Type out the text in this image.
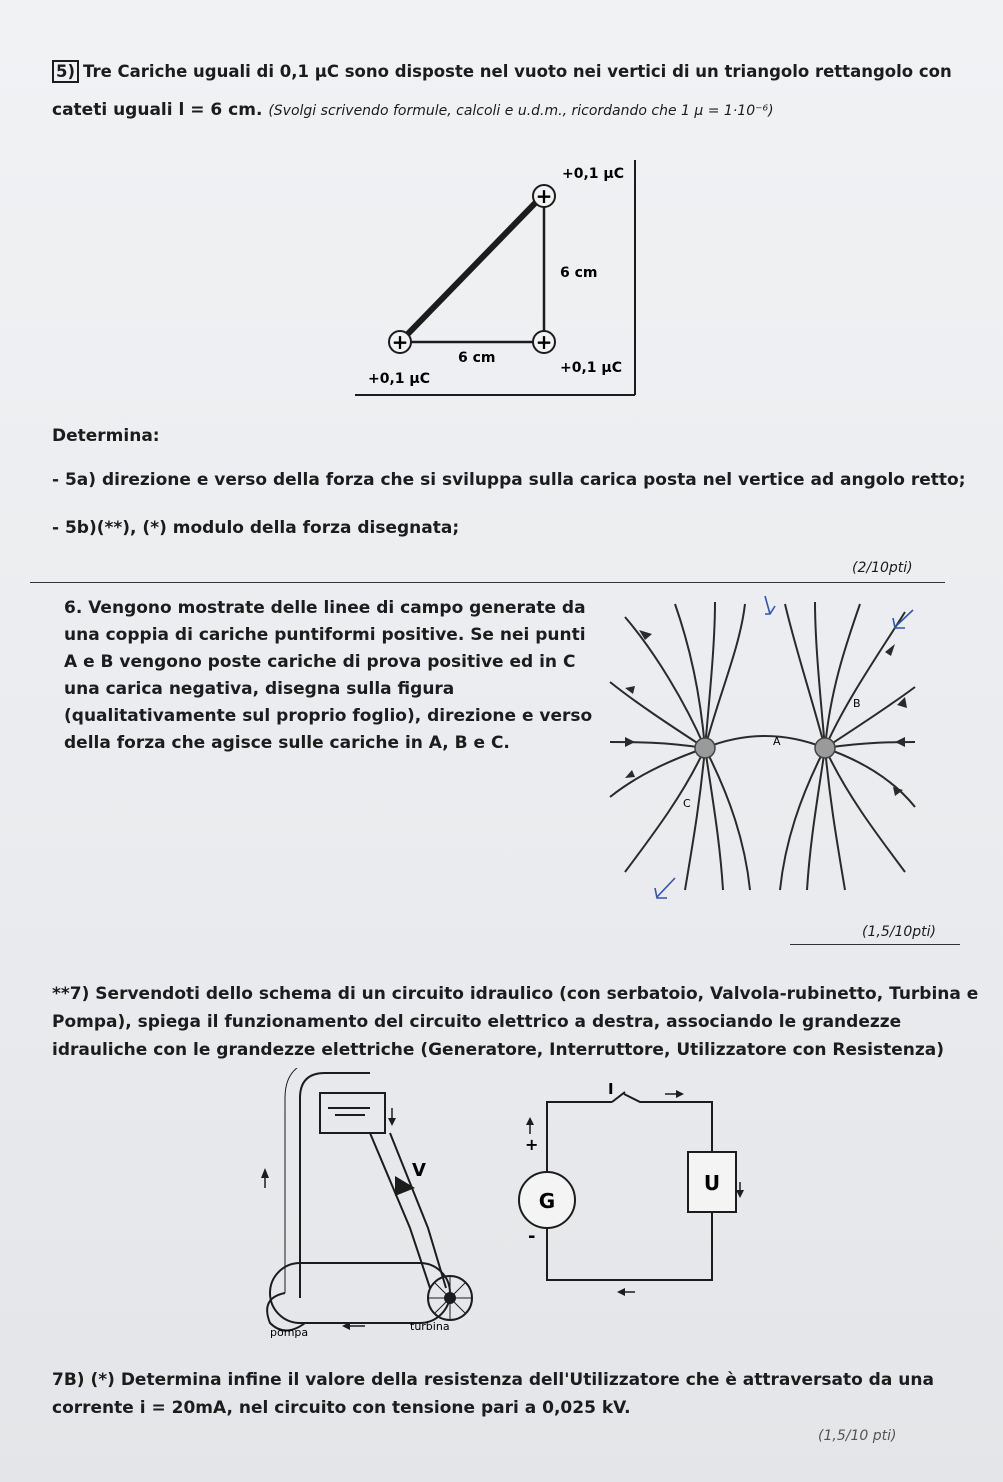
5) Tre Cariche uguali di 0,1 µC sono disposte nel vuoto nei vertici di un triangolo rettangolo con
cateti uguali l = 6 cm. (Svolgi scrivendo formule, calcoli e u.d.m., ricordando che 1 µ = 1·10⁻⁶)
+
+	+
+0,1 µC
6 cm
6 cm
+0,1 µC
+0,1 µC
Determina:
- 5a) direzione e verso della forza che si sviluppa sulla carica posta nel vertice ad angolo retto;
- 5b)(**), (*) modulo della forza disegnata;
(2/10pti)
6. Vengono mostrate delle linee di campo generate da
una coppia di cariche puntiformi positive. Se nei punti
A e B vengono poste cariche di prova positive ed in C
una carica negativa, disegna sulla figura
(qualitativamente sul proprio foglio), direzione e verso
della forza che agisce sulle cariche in A, B e C.	A
B
C
(1,5/10pti)
**7) Servendoti dello schema di un circuito idraulico (con serbatoio, Valvola-rubinetto, Turbina e
Pompa), spiega il funzionamento del circuito elettrico a destra, associando le grandezze
idrauliche con le grandezze elettriche (Generatore, Interruttore, Utilizzatore con Resistenza)
V
pompa	turbina
I
G
U
+
-
7B) (*) Determina infine il valore della resistenza dell'Utilizzatore che è attraversato da una
corrente i = 20mA, nel circuito con tensione pari a 0,025 kV.
(1,5/10 pti)
